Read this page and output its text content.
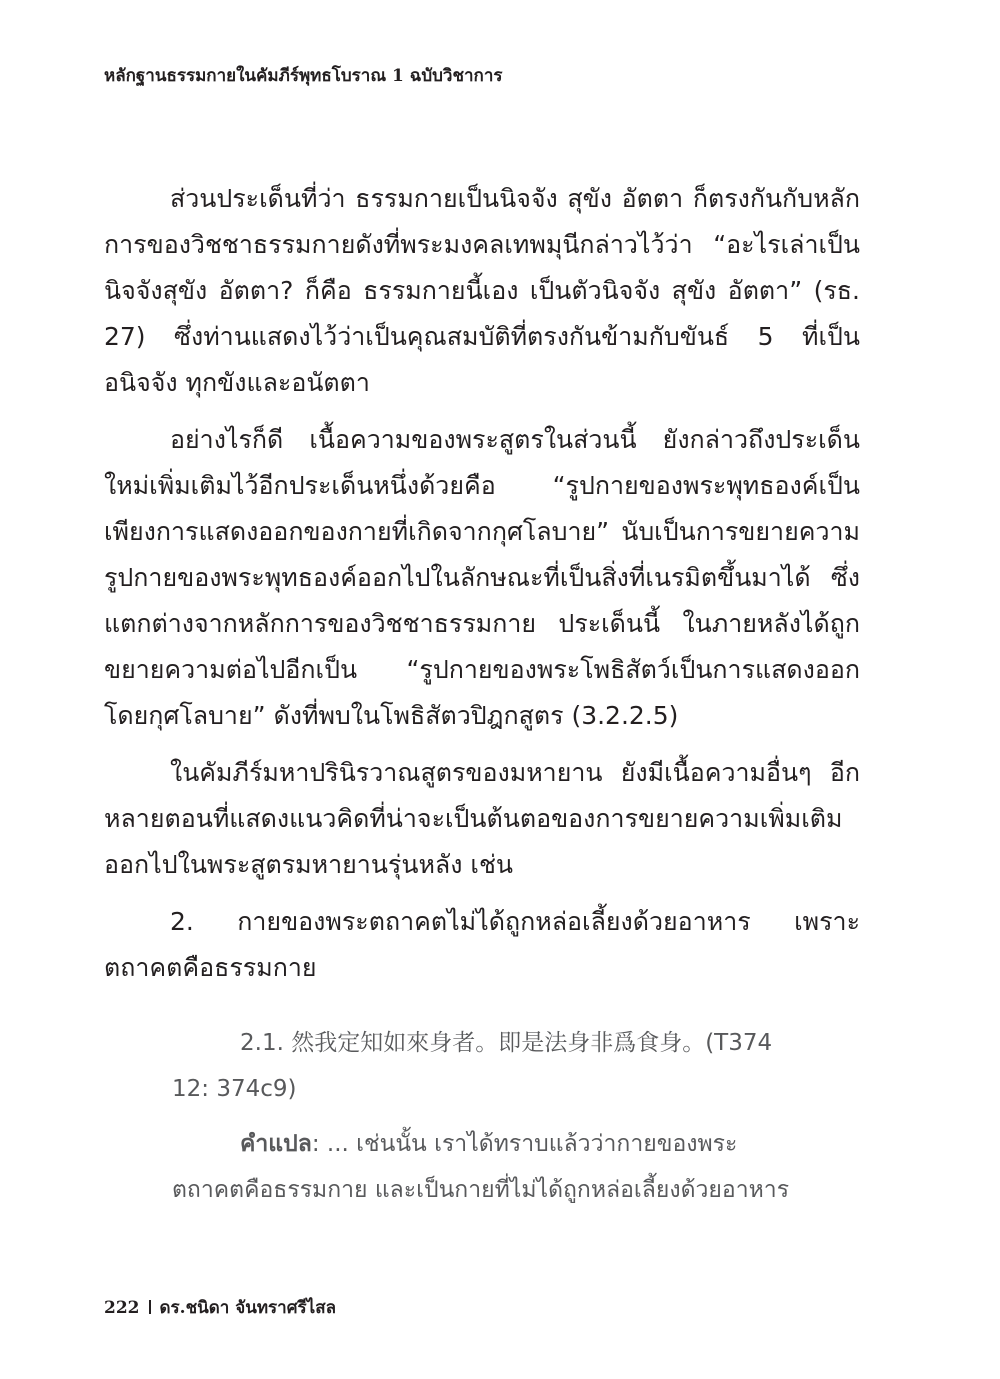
หลักฐานธรรมกายในคัมภีร์พุทธโบราณ 1 ฉบับวิชาการ

ส่วนประเด็นที่ว่า ธรรมกายเป็นนิจจัง สุขัง อัตตา ก็ตรงกันกับหลักการของวิชชาธรรมกายดังที่พระมงคลเทพมุนีกล่าวไว้ว่า “อะไรเล่าเป็นนิจจังสุขัง อัตตา? ก็คือ ธรรมกายนี้เอง เป็นตัวนิจจัง สุขัง อัตตา” (รธ. 27) ซึ่งท่านแสดงไว้ว่าเป็นคุณสมบัติที่ตรงกันข้ามกับขันธ์ 5 ที่เป็นอนิจจัง ทุกขังและอนัตตา

อย่างไรก็ดี เนื้อความของพระสูตรในส่วนนี้ ยังกล่าวถึงประเด็นใหม่เพิ่มเติมไว้อีกประเด็นหนึ่งด้วยคือ “รูปกายของพระพุทธองค์เป็นเพียงการแสดงออกของกายที่เกิดจากกุศโลบาย” นับเป็นการขยายความรูปกายของพระพุทธองค์ออกไปในลักษณะที่เป็นสิ่งที่เนรมิตขึ้นมาได้ ซึ่งแตกต่างจากหลักการของวิชชาธรรมกาย ประเด็นนี้ ในภายหลังได้ถูกขยายความต่อไปอีกเป็น “รูปกายของพระโพธิสัตว์เป็นการแสดงออกโดยกุศโลบาย” ดังที่พบในโพธิสัตวปิฎกสูตร (3.2.2.5)

ในคัมภีร์มหาปรินิรวาณสูตรของมหายาน ยังมีเนื้อความอื่นๆ อีกหลายตอนที่แสดงแนวคิดที่น่าจะเป็นต้นตอของการขยายความเพิ่มเติมออกไปในพระสูตรมหายานรุ่นหลัง เช่น

2. กายของพระตถาคตไม่ได้ถูกหล่อเลี้ยงด้วยอาหาร เพราะตถาคตคือธรรมกาย

2.1. 然我定知如來身者。即是法身非爲食身。(T374 12: 374c9)

คำแปล: ... เช่นนั้น เราได้ทราบแล้วว่ากายของพระตถาคตคือธรรมกาย และเป็นกายที่ไม่ได้ถูกหล่อเลี้ยงด้วยอาหาร

222 ดร.ชนิดา จันทราศรีไสล
